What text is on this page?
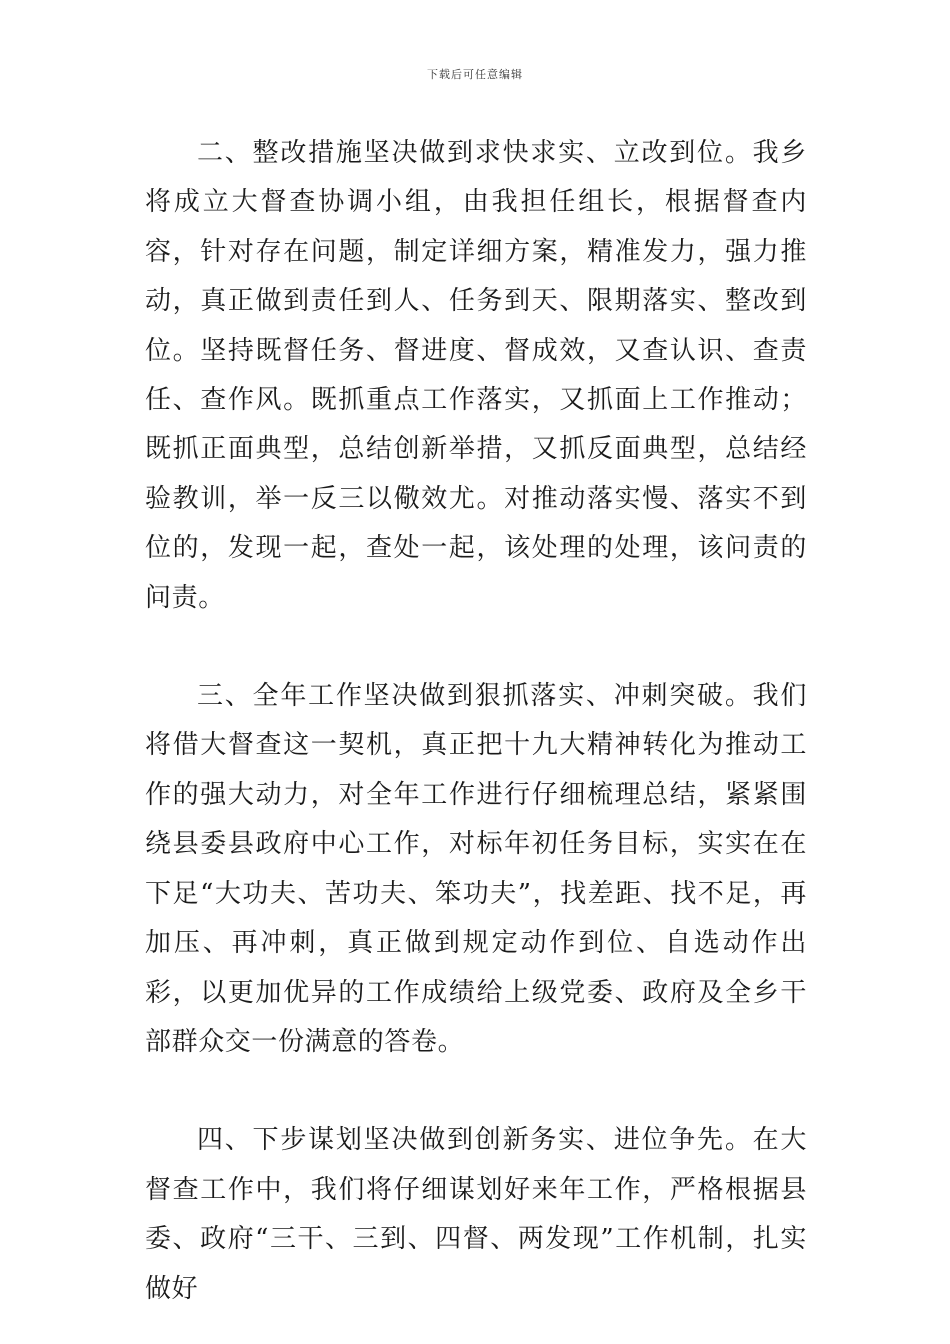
下载后可任意编辑

二、整改措施坚决做到求快求实、立改到位。我乡将成立大督查协调小组，由我担任组长，根据督查内容，针对存在问题，制定详细方案，精准发力，强力推动，真正做到责任到人、任务到天、限期落实、整改到位。坚持既督任务、督进度、督成效，又查认识、查责任、查作风。既抓重点工作落实，又抓面上工作推动；既抓正面典型，总结创新举措，又抓反面典型，总结经验教训，举一反三以儆效尤。对推动落实慢、落实不到位的，发现一起，查处一起，该处理的处理，该问责的问责。

三、全年工作坚决做到狠抓落实、冲刺突破。我们将借大督查这一契机，真正把十九大精神转化为推动工作的强大动力，对全年工作进行仔细梳理总结，紧紧围绕县委县政府中心工作，对标年初任务目标，实实在在下足“大功夫、苦功夫、笨功夫”，找差距、找不足，再加压、再冲刺，真正做到规定动作到位、自选动作出彩，以更加优异的工作成绩给上级党委、政府及全乡干部群众交一份满意的答卷。

四、下步谋划坚决做到创新务实、进位争先。在大督查工作中，我们将仔细谋划好来年工作，严格根据县委、政府“三干、三到、四督、两发现”工作机制，扎实做好
